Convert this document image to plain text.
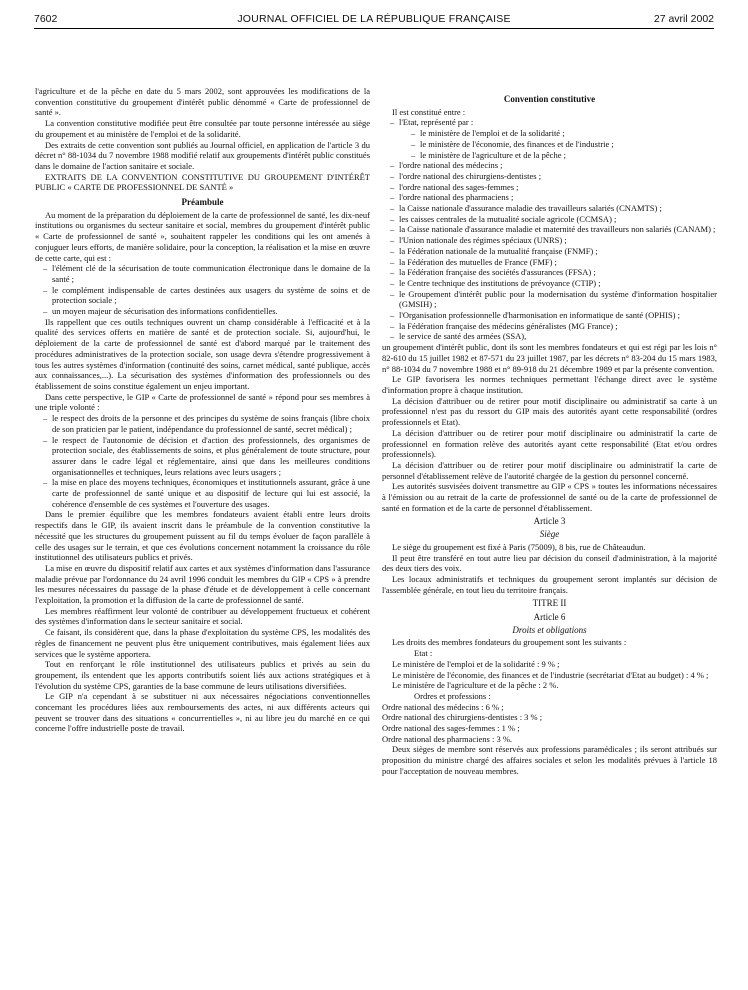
7602	JOURNAL OFFICIEL DE LA RÉPUBLIQUE FRANÇAISE	27 avril 2002

l'agriculture et de la pêche en date du 5 mars 2002, sont approuvées les modifications de la convention constitutive du groupement d'intérêt public dénommé « Carte de professionnel de santé ».

La convention constitutive modifiée peut être consultée par toute personne intéressée au siège du groupement et au ministère de l'emploi et de la solidarité.

Des extraits de cette convention sont publiés au Journal officiel, en application de l'article 3 du décret n° 88-1034 du 7 novembre 1988 modifié relatif aux groupements d'intérêt public constitués dans le domaine de l'action sanitaire et sociale.

EXTRAITS DE LA CONVENTION CONSTITUTIVE DU GROUPEMENT D'INTÉRÊT PUBLIC « CARTE DE PROFESSIONNEL DE SANTÉ »

Préambule

Au moment de la préparation du déploiement de la carte de professionnel de santé, les dix-neuf institutions ou organismes du secteur sanitaire et social, membres du groupement d'intérêt public « Carte de professionnel de santé », souhaitent rappeler les conditions qui les ont amenés à conjuguer leurs efforts, de manière solidaire, pour la conception, la réalisation et la mise en œuvre de cette carte, qui est :

– l'élément clé de la sécurisation de toute communication électronique dans le domaine de la santé ;
– le complément indispensable de cartes destinées aux usagers du système de soins et de protection sociale ;
– un moyen majeur de sécurisation des informations confidentielles.

Ils rappellent que ces outils techniques ouvrent un champ considérable à l'efficacité et à la qualité des services offerts en matière de santé et de protection sociale. Si, aujourd'hui, le déploiement de la carte de professionnel de santé est d'abord marqué par le traitement des procédures administratives de la protection sociale, son usage devra s'étendre progressivement à tous les autres systèmes d'information (continuité des soins, carnet médical, santé publique, accès aux connaissances,...). La sécurisation des systèmes d'information des professionnels ou des établissement de soins constitue également un enjeu important.

Dans cette perspective, le GIP « Carte de professionnel de santé » répond pour ses membres à une triple volonté :

– le respect des droits de la personne et des principes du système de soins français (libre choix de son praticien par le patient, indépendance du professionnel de santé, secret médical) ;
– le respect de l'autonomie de décision et d'action des professionnels, des organismes de protection sociale, des établissements de soins, et plus généralement de toute structure, pour assurer dans le cadre légal et réglementaire, ainsi que dans les meilleures conditions organisationnelles et techniques, leurs relations avec leurs usagers ;
– la mise en place des moyens techniques, économiques et institutionnels assurant, grâce à une carte de professionnel de santé unique et au dispositif de lecture qui lui est associé, la cohérence d'ensemble de ces systèmes et l'ouverture des usages.

Dans le premier équilibre que les membres fondateurs avaient établi entre leurs droits respectifs dans le GIP, ils avaient inscrit dans le préambule de la convention constitutive la nécessité que les structures du groupement puissent au fil du temps évoluer de façon parallèle à celle des usages sur le terrain, et que ces évolutions concernent notamment la croissance du rôle institutionnel des utilisateurs publics et privés.

La mise en œuvre du dispositif relatif aux cartes et aux systèmes d'information dans l'assurance maladie prévue par l'ordonnance du 24 avril 1996 conduit les membres du GIP « CPS » à prendre les mesures nécessaires du passage de la phase d'étude et de développement à celle concernant l'exploitation, la promotion et la diffusion de la carte de professionnel de santé.

Les membres réaffirment leur volonté de contribuer au développement fructueux et cohérent des systèmes d'information dans le secteur sanitaire et social.

Ce faisant, ils considèrent que, dans la phase d'exploitation du système CPS, les modalités des règles de financement ne peuvent plus être uniquement contributives, mais également liées aux services que le système apportera.

Tout en renforçant le rôle institutionnel des utilisateurs publics et privés au sein du groupement, ils entendent que les apports contributifs soient liés aux actions stratégiques et à l'évolution du système CPS, garanties de la base commune de leurs utilisations diversifiées.

Le GIP n'a cependant à se substituer ni aux nécessaires négociations conventionnelles concernant les procédures liées aux remboursements des actes, ni aux différents acteurs qui peuvent se trouver dans des situations « concurrentielles », ni au libre jeu du marché en ce qui concerne l'offre industrielle poste de travail.

Convention constitutive

Il est constitué entre :

– l'Etat, représenté par :
– le ministère de l'emploi et de la solidarité ;
– le ministère de l'économie, des finances et de l'industrie ;
– le ministère de l'agriculture et de la pêche ;
– l'ordre national des médecins ;
– l'ordre national des chirurgiens-dentistes ;
– l'ordre national des sages-femmes ;
– l'ordre national des pharmaciens ;
– la Caisse nationale d'assurance maladie des travailleurs salariés (CNAMTS) ;
– les caisses centrales de la mutualité sociale agricole (CCMSA) ;
– la Caisse nationale d'assurance maladie et maternité des travailleurs non salariés (CANAM) ;
– l'Union nationale des régimes spéciaux (UNRS) ;
– la Fédération nationale de la mutualité française (FNMF) ;
– la Fédération des mutuelles de France (FMF) ;
– la Fédération française des sociétés d'assurances (FFSA) ;
– le Centre technique des institutions de prévoyance (CTIP) ;
– le Groupement d'intérêt public pour la modernisation du système d'information hospitalier (GMSIH) ;
– l'Organisation professionnelle d'harmonisation en informatique de santé (OPHIS) ;
– la Fédération française des médecins généralistes (MG France) ;
– le service de santé des armées (SSA),

un groupement d'intérêt public, dont ils sont les membres fondateurs et qui est régi par les lois n° 82-610 du 15 juillet 1982 et 87-571 du 23 juillet 1987, par les décrets n° 83-204 du 15 mars 1983, n° 88-1034 du 7 novembre 1988 et n° 89-918 du 21 décembre 1989 et par la présente convention.

Le GIP favorisera les normes techniques permettant l'échange direct avec le système d'information propre à chaque institution.

La décision d'attribuer ou de retirer pour motif disciplinaire ou administratif sa carte à un professionnel n'est pas du ressort du GIP mais des autorités ayant cette responsabilité (ordres professionnels et Etat).

La décision d'attribuer ou de retirer pour motif disciplinaire ou administratif la carte de professionnel en formation relève des autorités ayant cette responsabilité (Etat et/ou ordres professionnels).

La décision d'attribuer ou de retirer pour motif disciplinaire ou administratif la carte de personnel d'établissement relève de l'autorité chargée de la gestion du personnel concerné.

Les autorités susvisées doivent transmettre au GIP « CPS » toutes les informations nécessaires à l'émission ou au retrait de la carte de professionnel de santé ou de la carte de professionnel de santé en formation et de la carte de personnel d'établissement.

Article 3
Siège

Le siège du groupement est fixé à Paris (75009), 8 bis, rue de Châteaudun.

Il peut être transféré en tout autre lieu par décision du conseil d'administration, à la majorité des deux tiers des voix.

Les locaux administratifs et techniques du groupement seront implantés sur décision de l'assemblée générale, en tout lieu du territoire français.

TITRE II
Article 6
Droits et obligations

Les droits des membres fondateurs du groupement sont les suivants :

Etat :

Le ministère de l'emploi et de la solidarité : 9 % ;

Le ministère de l'économie, des finances et de l'industrie (secrétariat d'Etat au budget) : 4 % ;

Le ministère de l'agriculture et de la pêche : 2 %.

Ordres et professions :

Ordre national des médecins : 6 % ;

Ordre national des chirurgiens-dentistes : 3 % ;

Ordre national des sages-femmes : 1 % ;

Ordre national des pharmaciens : 3 %.

Deux sièges de membre sont réservés aux professions paramédicales ; ils seront attribués sur proposition du ministre chargé des affaires sociales et selon les modalités prévues à l'article 18 pour l'acceptation de nouveau membres.
